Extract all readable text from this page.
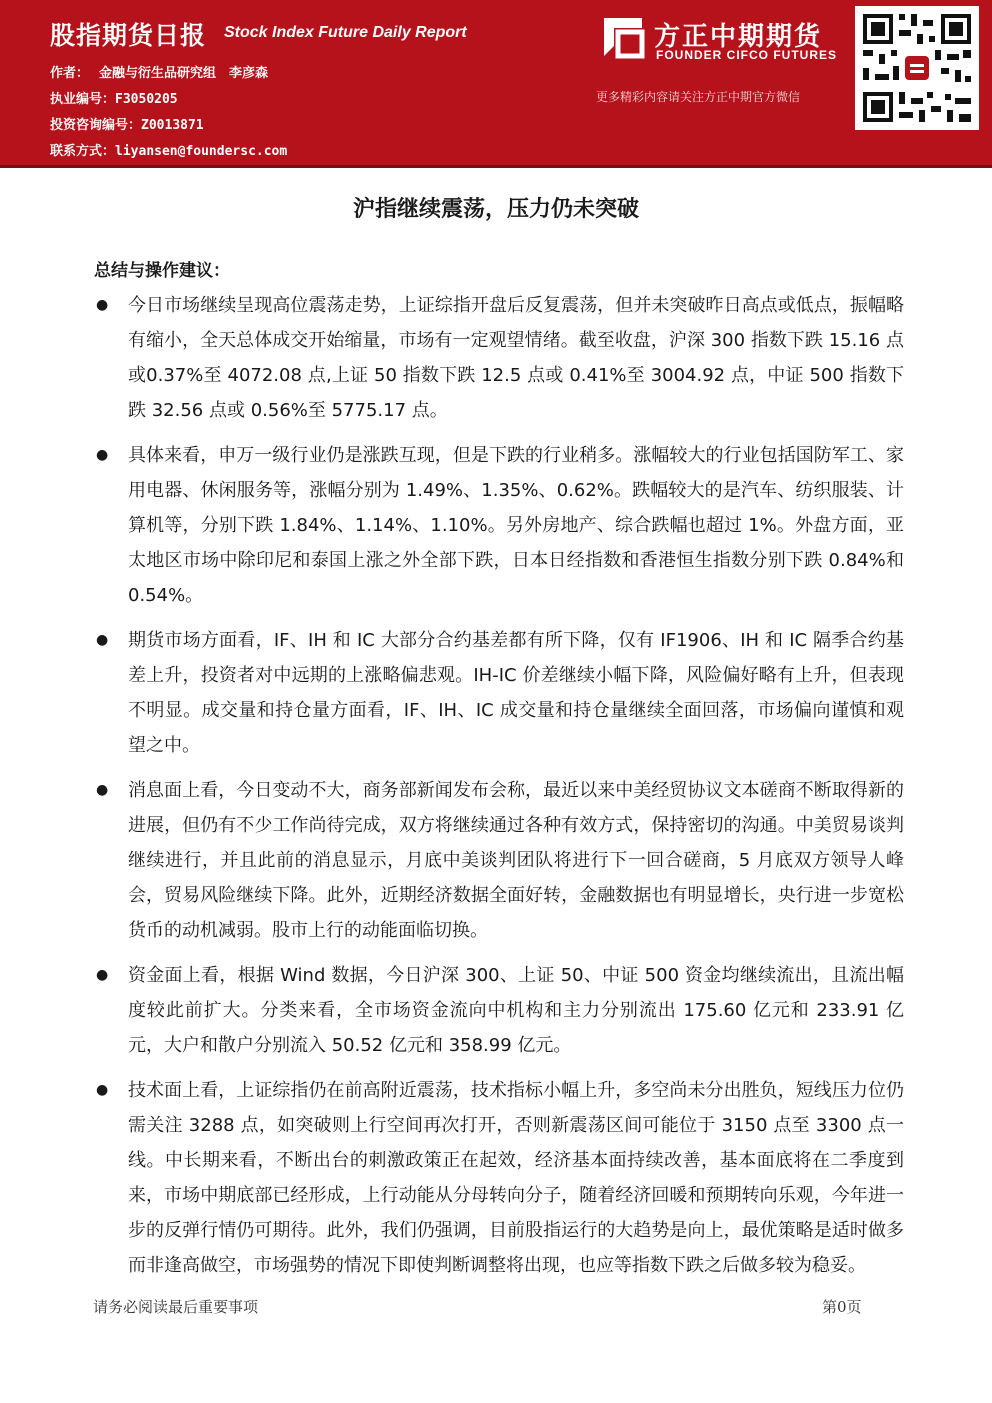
股指期货日报 Stock Index Future Daily Report
作者： 金融与衍生品研究组　李彦森
执业编号：F3050205
投资咨询编号：Z0013871
联系方式：liyansen@foundersc.com
方正中期期货
FOUNDER CIFCO FUTURES
更多精彩内容请关注方正中期官方微信
沪指继续震荡，压力仍未突破
总结与操作建议：

● 今日市场继续呈现高位震荡走势，上证综指开盘后反复震荡，但并未突破昨日高点或低点，振幅略有缩小，全天总体成交开始缩量，市场有一定观望情绪。截至收盘，沪深 300 指数下跌 15.16 点或0.37%至 4072.08 点,上证 50 指数下跌 12.5 点或 0.41%至 3004.92 点，中证 500 指数下跌 32.56 点或 0.56%至 5775.17 点。

● 具体来看，申万一级行业仍是涨跌互现，但是下跌的行业稍多。涨幅较大的行业包括国防军工、家用电器、休闲服务等，涨幅分别为 1.49%、1.35%、0.62%。跌幅较大的是汽车、纺织服装、计算机等，分别下跌 1.84%、1.14%、1.10%。另外房地产、综合跌幅也超过 1%。外盘方面，亚太地区市场中除印尼和泰国上涨之外全部下跌，日本日经指数和香港恒生指数分别下跌 0.84%和 0.54%。

● 期货市场方面看，IF、IH 和 IC 大部分合约基差都有所下降，仅有 IF1906、IH 和 IC 隔季合约基差上升，投资者对中远期的上涨略偏悲观。IH-IC 价差继续小幅下降，风险偏好略有上升，但表现不明显。成交量和持仓量方面看，IF、IH、IC 成交量和持仓量继续全面回落，市场偏向谨慎和观望之中。

● 消息面上看，今日变动不大，商务部新闻发布会称，最近以来中美经贸协议文本磋商不断取得新的进展，但仍有不少工作尚待完成，双方将继续通过各种有效方式，保持密切的沟通。中美贸易谈判继续进行，并且此前的消息显示，月底中美谈判团队将进行下一回合磋商，5 月底双方领导人峰会，贸易风险继续下降。此外，近期经济数据全面好转，金融数据也有明显增长，央行进一步宽松货币的动机减弱。股市上行的动能面临切换。

● 资金面上看，根据 Wind 数据，今日沪深 300、上证 50、中证 500 资金均继续流出，且流出幅度较此前扩大。分类来看，全市场资金流向中机构和主力分别流出 175.60 亿元和 233.91 亿元，大户和散户分别流入 50.52 亿元和 358.99 亿元。

● 技术面上看，上证综指仍在前高附近震荡，技术指标小幅上升，多空尚未分出胜负，短线压力位仍需关注 3288 点，如突破则上行空间再次打开，否则新震荡区间可能位于 3150 点至 3300 点一线。中长期来看，不断出台的刺激政策正在起效，经济基本面持续改善，基本面底将在二季度到来，市场中期底部已经形成，上行动能从分母转向分子，随着经济回暖和预期转向乐观，今年进一步的反弹行情仍可期待。此外，我们仍强调，目前股指运行的大趋势是向上，最优策略是适时做多而非逢高做空，市场强势的情况下即使判断调整将出现，也应等指数下跌之后做多较为稳妥。

请务必阅读最后重要事项	第0页
